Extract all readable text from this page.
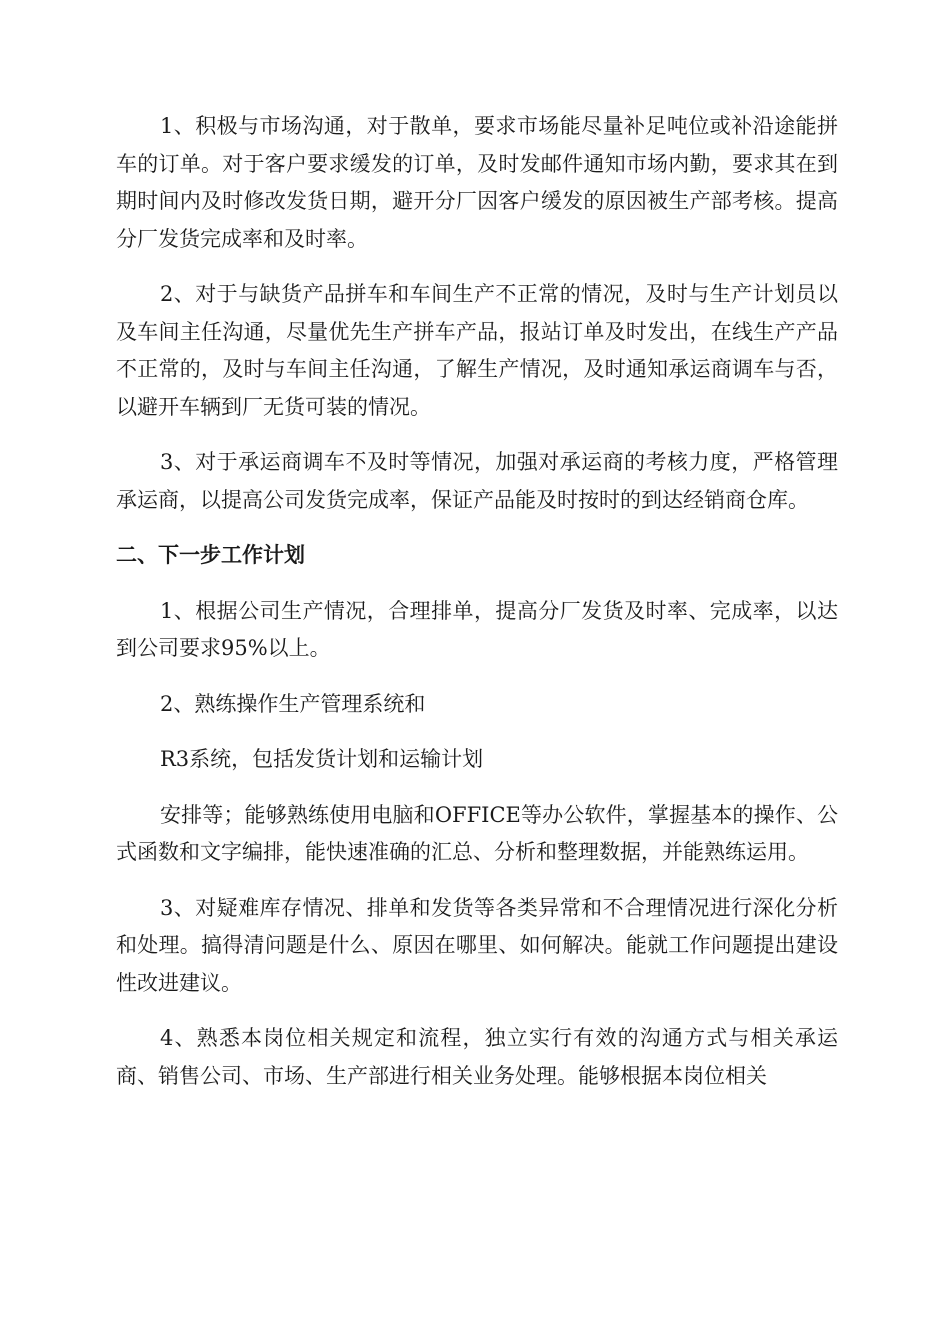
1、积极与市场沟通，对于散单，要求市场能尽量补足吨位或补沿途能拼车的订单。对于客户要求缓发的订单，及时发邮件通知市场内勤，要求其在到期时间内及时修改发货日期，避开分厂因客户缓发的原因被生产部考核。提高分厂发货完成率和及时率。

2、对于与缺货产品拼车和车间生产不正常的情况，及时与生产计划员以及车间主任沟通，尽量优先生产拼车产品，报站订单及时发出，在线生产产品不正常的，及时与车间主任沟通，了解生产情况，及时通知承运商调车与否，以避开车辆到厂无货可装的情况。

3、对于承运商调车不及时等情况，加强对承运商的考核力度，严格管理承运商，以提高公司发货完成率，保证产品能及时按时的到达经销商仓库。

二、下一步工作计划

1、根据公司生产情况，合理排单，提高分厂发货及时率、完成率，以达到公司要求95%以上。

2、熟练操作生产管理系统和

R3系统，包括发货计划和运输计划

安排等；能够熟练使用电脑和OFFICE等办公软件，掌握基本的操作、公式函数和文字编排，能快速准确的汇总、分析和整理数据，并能熟练运用。

3、对疑难库存情况、排单和发货等各类异常和不合理情况进行深化分析和处理。搞得清问题是什么、原因在哪里、如何解决。能就工作问题提出建设性改进建议。

4、熟悉本岗位相关规定和流程，独立实行有效的沟通方式与相关承运商、销售公司、市场、生产部进行相关业务处理。能够根据本岗位相关
